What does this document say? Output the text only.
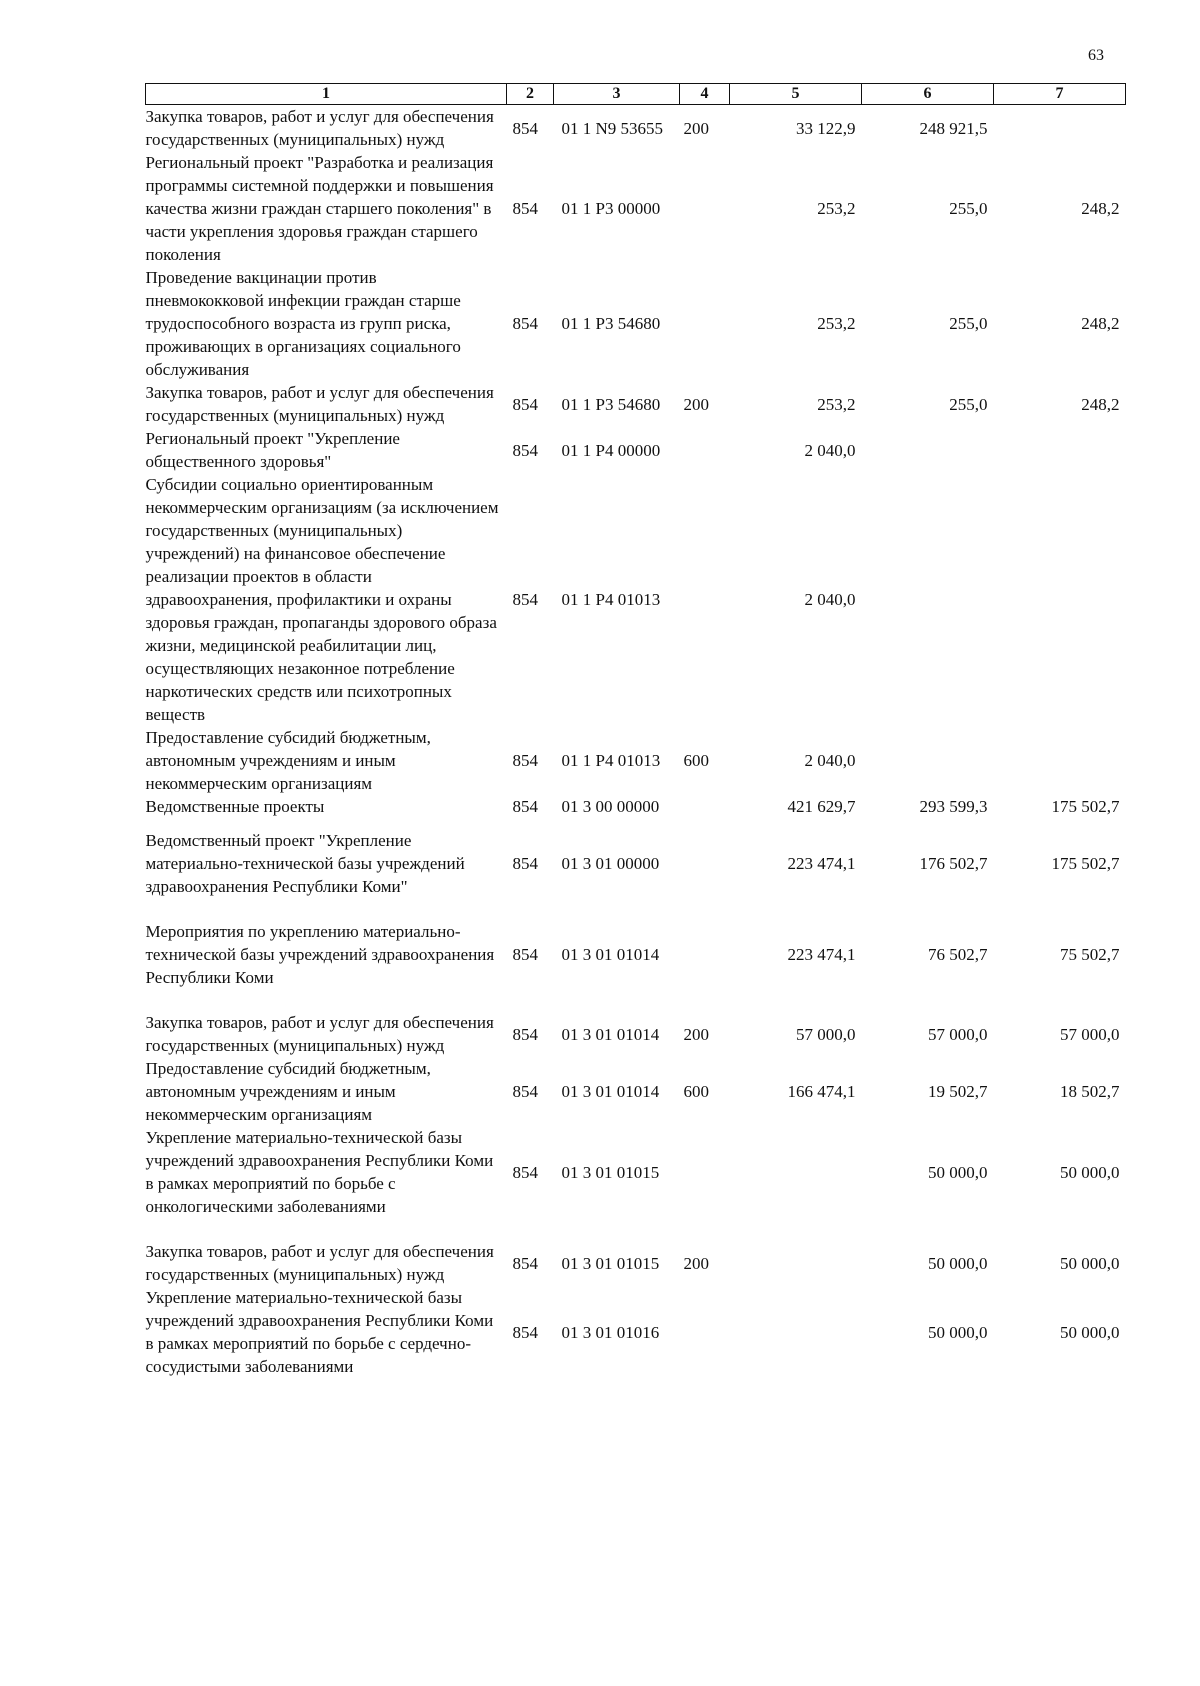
63
1	2	3	4	5	6	7
Закупка товаров, работ и услуг для обеспечения государственных (муниципальных) нужд	854	01 1 N9 53655	200	33 122,9	248 921,5	
Региональный проект "Разработка и реализация программы системной поддержки и повышения качества жизни граждан старшего поколения" в части укрепления здоровья граждан старшего поколения	854	01 1 P3 00000		253,2	255,0	248,2
Проведение вакцинации против пневмококковой инфекции граждан старше трудоспособного возраста из групп риска, проживающих в организациях социального обслуживания	854	01 1 P3 54680		253,2	255,0	248,2
Закупка товаров, работ и услуг для обеспечения государственных (муниципальных) нужд	854	01 1 P3 54680	200	253,2	255,0	248,2
Региональный проект "Укрепление общественного здоровья"	854	01 1 P4 00000		2 040,0		
Субсидии социально ориентированным некоммерческим организациям (за исключением государственных (муниципальных) учреждений) на финансовое обеспечение реализации проектов в области здравоохранения, профилактики и охраны здоровья граждан, пропаганды здорового образа жизни, медицинской реабилитации лиц, осуществляющих незаконное потребление наркотических средств или психотропных веществ	854	01 1 P4 01013		2 040,0		
Предоставление субсидий бюджетным, автономным учреждениям и иным некоммерческим организациям	854	01 1 P4 01013	600	2 040,0		
Ведомственные проекты	854	01 3 00 00000		421 629,7	293 599,3	175 502,7
Ведомственный проект "Укрепление материально-технической базы учреждений здравоохранения Республики Коми"	854	01 3 01 00000		223 474,1	176 502,7	175 502,7
Мероприятия по укреплению материально-технической базы учреждений здравоохранения Республики Коми	854	01 3 01 01014		223 474,1	76 502,7	75 502,7
Закупка товаров, работ и услуг для обеспечения государственных (муниципальных) нужд	854	01 3 01 01014	200	57 000,0	57 000,0	57 000,0
Предоставление субсидий бюджетным, автономным учреждениям и иным некоммерческим организациям	854	01 3 01 01014	600	166 474,1	19 502,7	18 502,7
Укрепление материально-технической базы учреждений здравоохранения Республики Коми в рамках мероприятий по борьбе с онкологическими заболеваниями	854	01 3 01 01015			50 000,0	50 000,0
Закупка товаров, работ и услуг для обеспечения государственных (муниципальных) нужд	854	01 3 01 01015	200		50 000,0	50 000,0
Укрепление материально-технической базы учреждений здравоохранения Республики Коми в рамках мероприятий по борьбе с сердечно-сосудистыми заболеваниями	854	01 3 01 01016			50 000,0	50 000,0
